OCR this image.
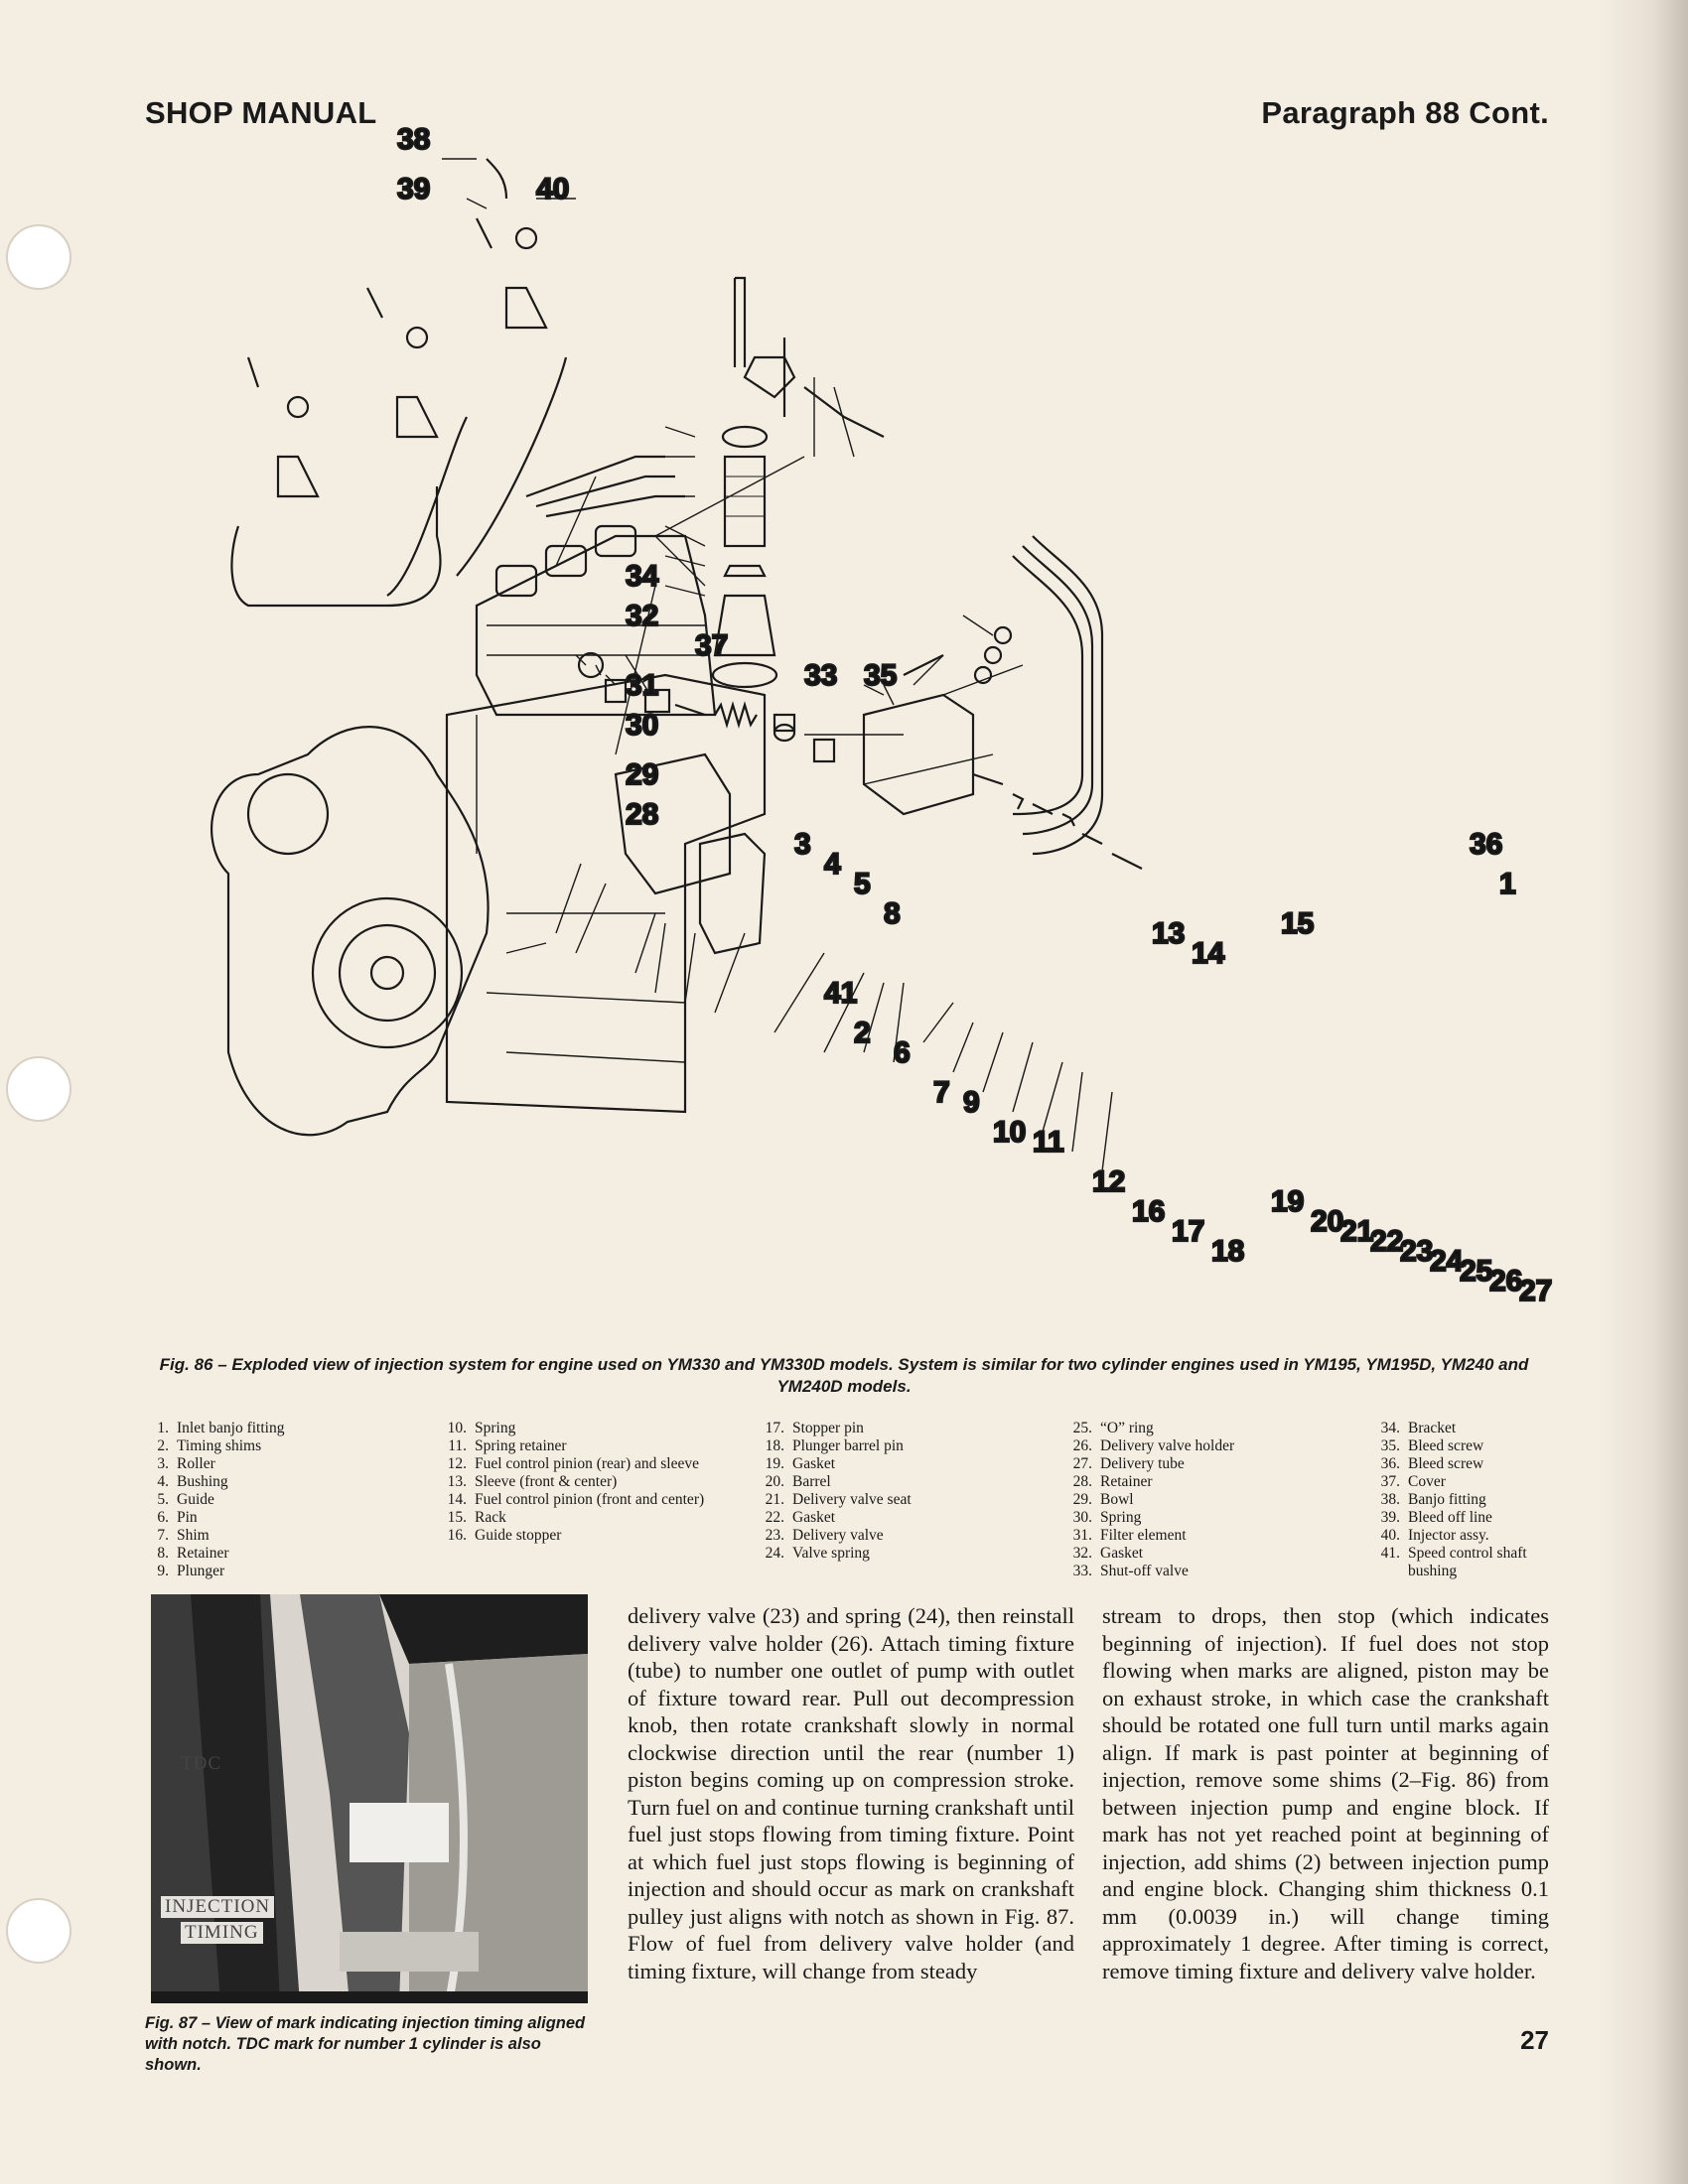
SHOP MANUAL	Paragraph 88 Cont.
38
39	40
37
34
32
31
30
29
28
33 35
36
1
15
13
14
3
4
5
8
41
2
6
7 9
10 11
12
16
17
18
19
20
21
22
23
24
25
26
27
Fig. 86 – Exploded view of injection system for engine used on YM330 and YM330D models. System is similar for two cylinder engines used in YM195, YM195D, YM240 and YM240D models.
1. Inlet banjo fitting
2. Timing shims
3. Roller
4. Bushing
5. Guide
6. Pin
7. Shim
8. Retainer
9. Plunger
10. Spring
11. Spring retainer
12. Fuel control pinion (rear) and sleeve
13. Sleeve (front & center)
14. Fuel control pinion (front and center)
15. Rack
16. Guide stopper
17. Stopper pin
18. Plunger barrel pin
19. Gasket
20. Barrel
21. Delivery valve seat
22. Gasket
23. Delivery valve
24. Valve spring
25. “O” ring
26. Delivery valve holder
27. Delivery tube
28. Retainer
29. Bowl
30. Spring
31. Filter element
32. Gasket
33. Shut-off valve
34. Bracket
35. Bleed screw
36. Bleed screw
37. Cover
38. Banjo fitting
39. Bleed off line
40. Injector assy.
41. Speed control shaft bushing
TDC
INJECTION
TIMING
Fig. 87 – View of mark indicating injection timing aligned with notch. TDC mark for number 1 cylinder is also shown.
delivery valve (23) and spring (24), then reinstall delivery valve holder (26). Attach timing fixture (tube) to number one outlet of pump with outlet of fixture toward rear. Pull out decompression knob, then rotate crankshaft slowly in normal clockwise direction until the rear (number 1) piston begins coming up on compression stroke. Turn fuel on and continue turning crankshaft until fuel just stops flowing from timing fixture. Point at which fuel just stops flowing is beginning of injection and should occur as mark on crankshaft pulley just aligns with notch as shown in Fig. 87. Flow of fuel from delivery valve holder (and timing fixture, will change from steady
stream to drops, then stop (which indicates beginning of injection). If fuel does not stop flowing when marks are aligned, piston may be on exhaust stroke, in which case the crankshaft should be rotated one full turn until marks again align. If mark is past pointer at beginning of injection, remove some shims (2–Fig. 86) from between injection pump and engine block. If mark has not yet reached point at beginning of injection, add shims (2) between injection pump and engine block. Changing shim thickness 0.1 mm (0.0039 in.) will change timing approximately 1 degree. After timing is correct, remove timing fixture and delivery valve holder.
27
